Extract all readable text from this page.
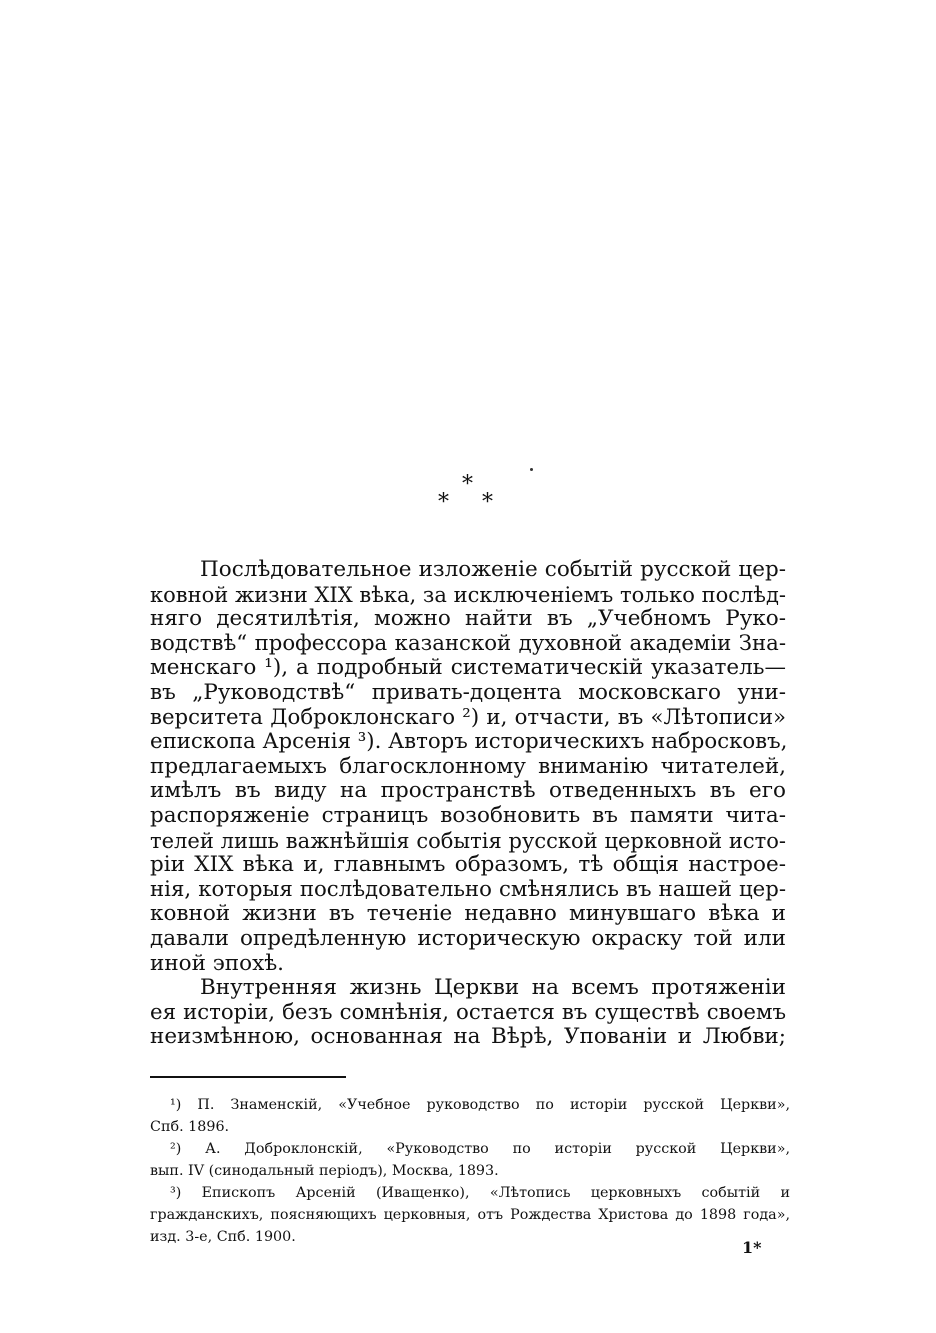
*
* *
Послѣдовательное изложеніе событій русской цер-
ковной жизни XIX вѣка, за исключеніемъ только послѣд-
няго десятилѣтія, можно найти въ „Учебномъ Руко-
водствѣ“ профессора казанской духовной академіи Зна-
менскаго ¹), а подробный систематическій указатель—
въ „Руководствѣ“ привать-доцента московскаго уни-
верситета Доброклонскаго ²) и, отчасти, въ «Лѣтописи»
епископа Арсенія ³). Авторъ историческихъ набросковъ,
предлагаемыхъ благосклонному вниманію читателей,
имѣлъ въ виду на пространствѣ отведенныхъ въ его
распоряженіе страницъ возобновить въ памяти чита-
телей лишь важнѣйшія событія русской церковной исто-
ріи XIX вѣка и, главнымъ образомъ, тѣ общія настрое-
нія, которыя послѣдовательно смѣнялись въ нашей цер-
ковной жизни въ теченіе недавно минувшаго вѣка и
давали опредѣленную историческую окраску той или
иной эпохѣ.
Внутренняя жизнь Церкви на всемъ протяженіи
ея исторіи, безъ сомнѣнія, остается въ существѣ своемъ
неизмѣнною, основанная на Вѣрѣ, Упованіи и Любви;
¹) П. Знаменскій, «Учебное руководство по исторіи русской Церкви»,
Спб. 1896.
²) А. Доброклонскій, «Руководство по исторіи русской Церкви»,
вып. IV (синодальный періодъ), Москва, 1893.
³) Епископъ Арсеній (Иващенко), «Лѣтопись церковныхъ событій и
гражданскихъ, поясняющихъ церковныя, отъ Рождества Христова до 1898 года»,
изд. 3-е, Спб. 1900.
1*
